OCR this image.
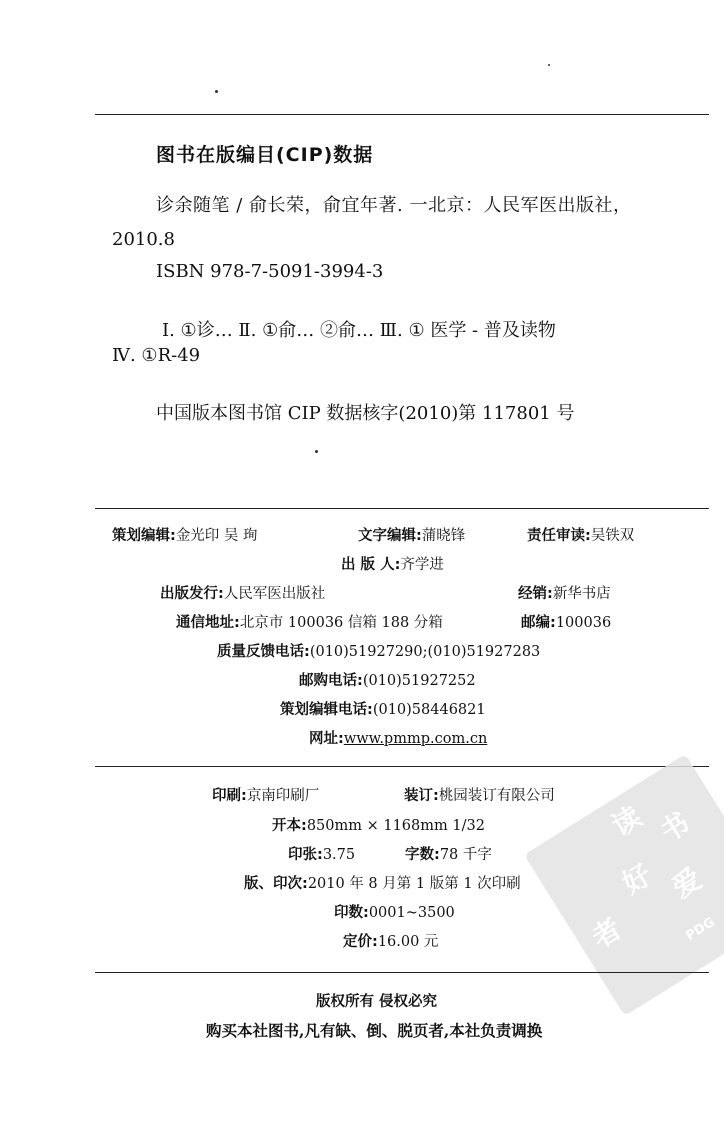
图书在版编目(CIP)数据
诊余随笔 / 俞长荣，俞宜年著. 一北京：人民军医出版社，
2010.8
ISBN 978-7-5091-3994-3
Ⅰ. ①诊… Ⅱ. ①俞… ②俞… Ⅲ. ① 医学 - 普及读物
Ⅳ. ①R-49
中国版本图书馆 CIP 数据核字(2010)第 117801 号
策划编辑:金光印 吴 珣	文字编辑:蒲晓锋	责任审读:吴铁双
出 版 人:齐学进
出版发行:人民军医出版社	经销:新华书店
通信地址:北京市 100036 信箱 188 分箱	邮编:100036
质量反馈电话:(010)51927290;(010)51927283
邮购电话:(010)51927252
策划编辑电话:(010)58446821
网址:www.pmmp.com.cn
读 书
爱
好
者	PDG
印刷:京南印刷厂	装订:桃园装订有限公司
开本:850mm × 1168mm 1/32
印张:3.75	字数:78 千字
版、印次:2010 年 8 月第 1 版第 1 次印刷
印数:0001~3500
定价:16.00 元
版权所有 侵权必究
购买本社图书,凡有缺、倒、脱页者,本社负责调换
